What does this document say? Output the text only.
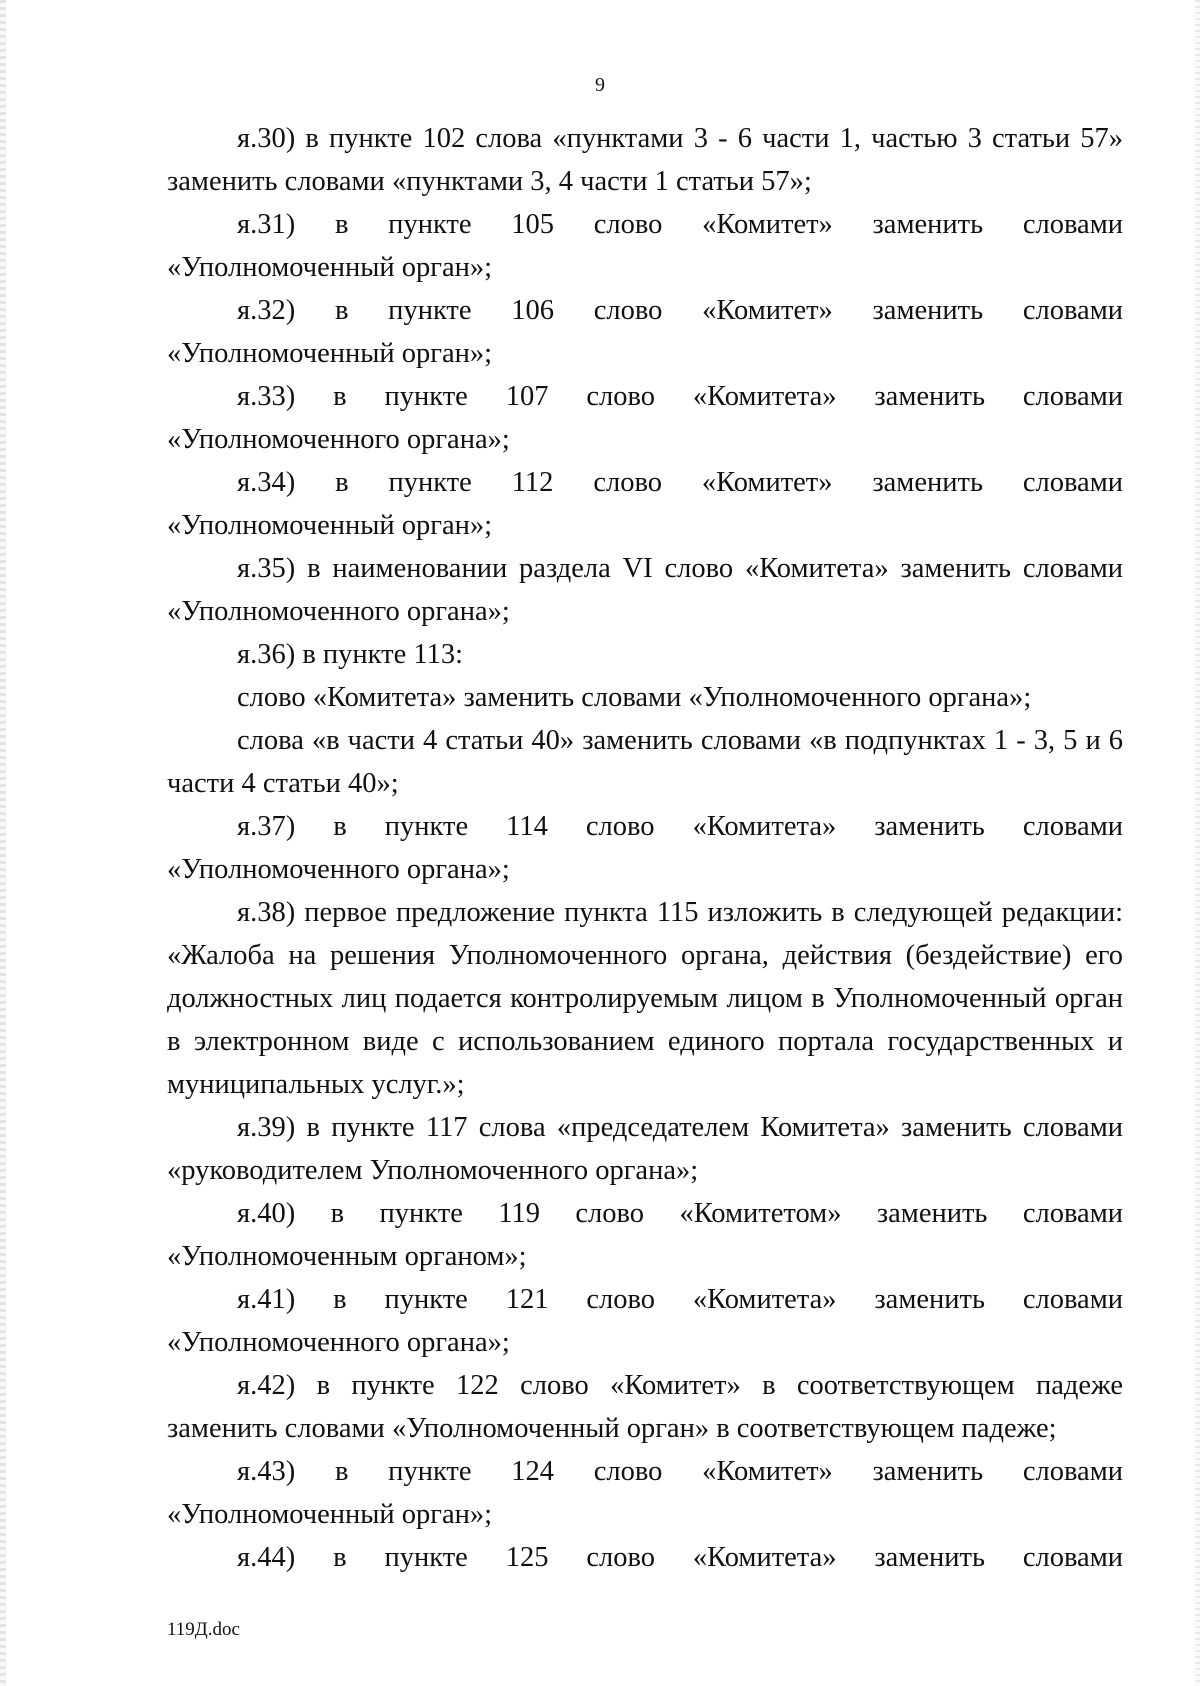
9

я.30) в пункте 102 слова «пунктами 3 - 6 части 1, частью 3 статьи 57» заменить словами «пунктами 3, 4 части 1 статьи 57»;

я.31) в пункте 105 слово «Комитет» заменить словами «Уполномоченный орган»;

я.32) в пункте 106 слово «Комитет» заменить словами «Уполномоченный орган»;

я.33) в пункте 107 слово «Комитета» заменить словами «Уполномоченного органа»;

я.34) в пункте 112 слово «Комитет» заменить словами «Уполномоченный орган»;

я.35) в наименовании раздела VI слово «Комитета» заменить словами «Уполномоченного органа»;

я.36) в пункте 113:

слово «Комитета» заменить словами «Уполномоченного органа»;

слова «в части 4 статьи 40» заменить словами «в подпунктах 1 - 3, 5 и 6 части 4 статьи 40»;

я.37) в пункте 114 слово «Комитета» заменить словами «Уполномоченного органа»;

я.38) первое предложение пункта 115 изложить в следующей редакции: «Жалоба на решения Уполномоченного органа, действия (бездействие) его должностных лиц подается контролируемым лицом в Уполномоченный орган в электронном виде с использованием единого портала государственных и муниципальных услуг.»;

я.39) в пункте 117 слова «председателем Комитета» заменить словами «руководителем Уполномоченного органа»;

я.40) в пункте 119 слово «Комитетом» заменить словами «Уполномоченным органом»;

я.41) в пункте 121 слово «Комитета» заменить словами «Уполномоченного органа»;

я.42) в пункте 122 слово «Комитет» в соответствующем падеже заменить словами «Уполномоченный орган» в соответствующем падеже;

я.43) в пункте 124 слово «Комитет» заменить словами «Уполномоченный орган»;

я.44) в пункте 125 слово «Комитета» заменить словами

119Д.doc
